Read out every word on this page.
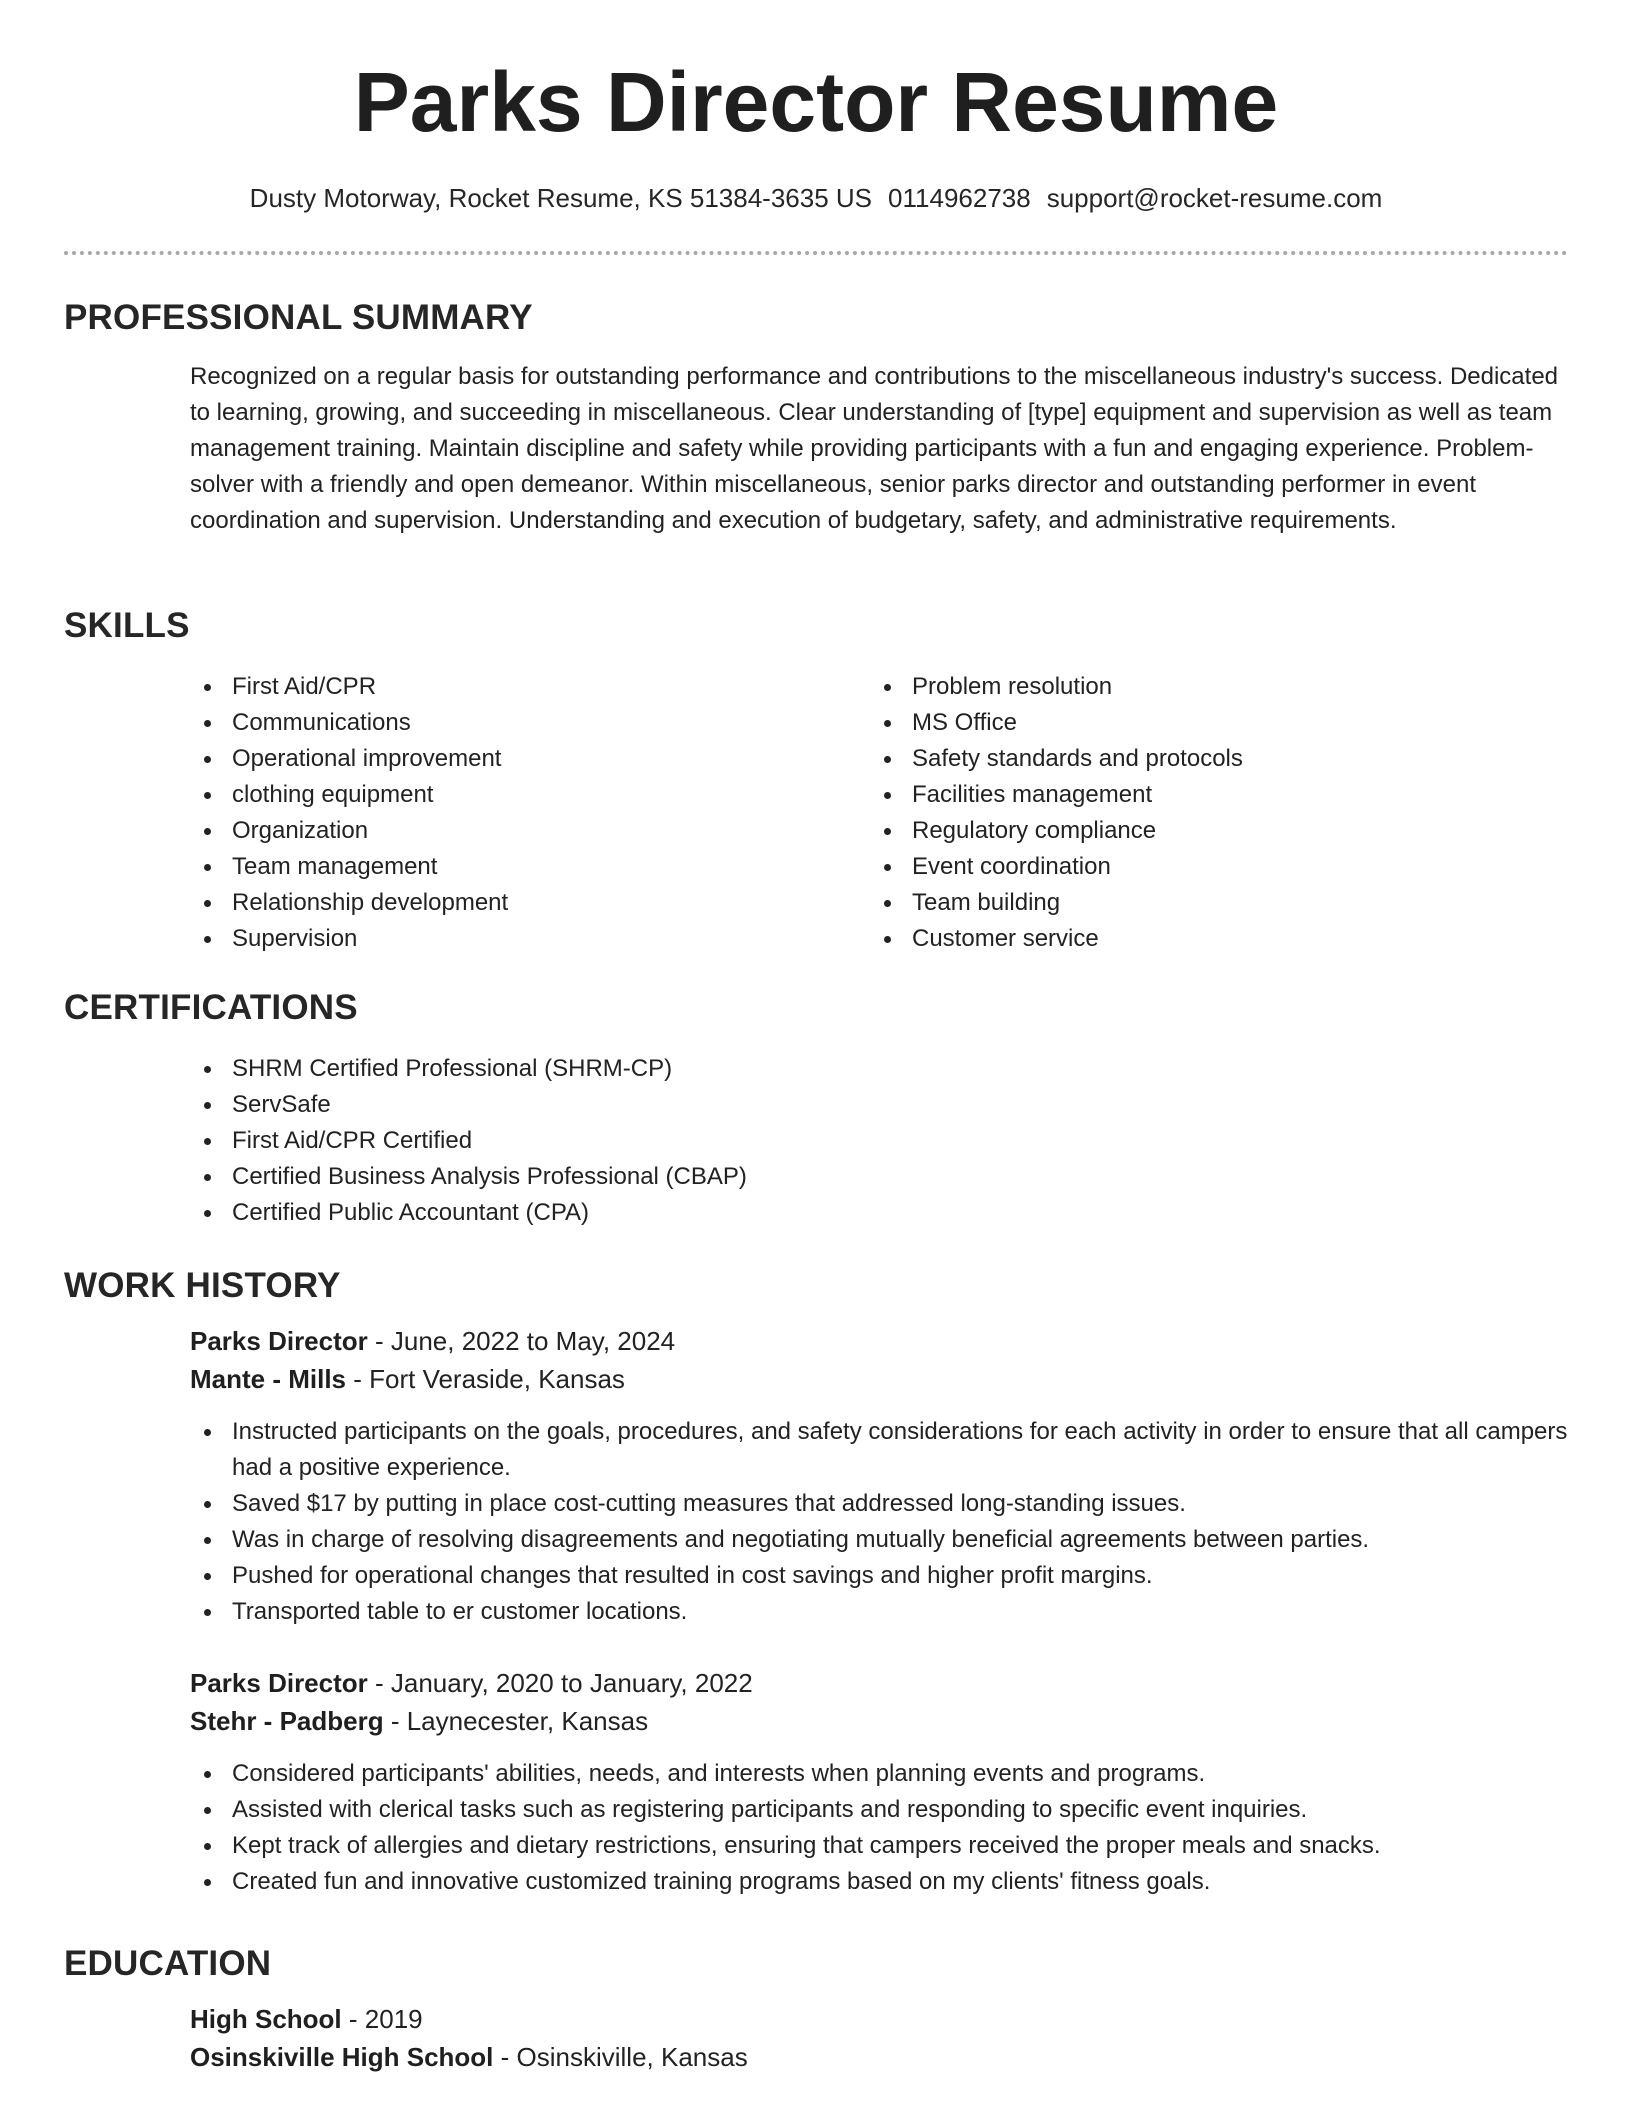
Parks Director Resume
Dusty Motorway, Rocket Resume, KS 51384-3635 US 0114962738 support@rocket-resume.com
PROFESSIONAL SUMMARY

Recognized on a regular basis for outstanding performance and contributions to the miscellaneous industry's success. Dedicated to learning, growing, and succeeding in miscellaneous. Clear understanding of [type] equipment and supervision as well as team management training. Maintain discipline and safety while providing participants with a fun and engaging experience. Problem-solver with a friendly and open demeanor. Within miscellaneous, senior parks director and outstanding performer in event coordination and supervision. Understanding and execution of budgetary, safety, and administrative requirements.

SKILLS
First Aid/CPR
Communications
Operational improvement
clothing equipment
Organization
Team management
Relationship development
Supervision
Problem resolution
MS Office
Safety standards and protocols
Facilities management
Regulatory compliance
Event coordination
Team building
Customer service
CERTIFICATIONS
SHRM Certified Professional (SHRM-CP)
ServSafe
First Aid/CPR Certified
Certified Business Analysis Professional (CBAP)
Certified Public Accountant (CPA)
WORK HISTORY
Parks Director - June, 2022 to May, 2024
Mante - Mills - Fort Veraside, Kansas
Instructed participants on the goals, procedures, and safety considerations for each activity in order to ensure that all campers had a positive experience.
Saved $17 by putting in place cost-cutting measures that addressed long-standing issues.
Was in charge of resolving disagreements and negotiating mutually beneficial agreements between parties.
Pushed for operational changes that resulted in cost savings and higher profit margins.
Transported table to er customer locations.
Parks Director - January, 2020 to January, 2022
Stehr - Padberg - Laynecester, Kansas
Considered participants' abilities, needs, and interests when planning events and programs.
Assisted with clerical tasks such as registering participants and responding to specific event inquiries.
Kept track of allergies and dietary restrictions, ensuring that campers received the proper meals and snacks.
Created fun and innovative customized training programs based on my clients' fitness goals.
EDUCATION
High School - 2019
Osinskiville High School - Osinskiville, Kansas
